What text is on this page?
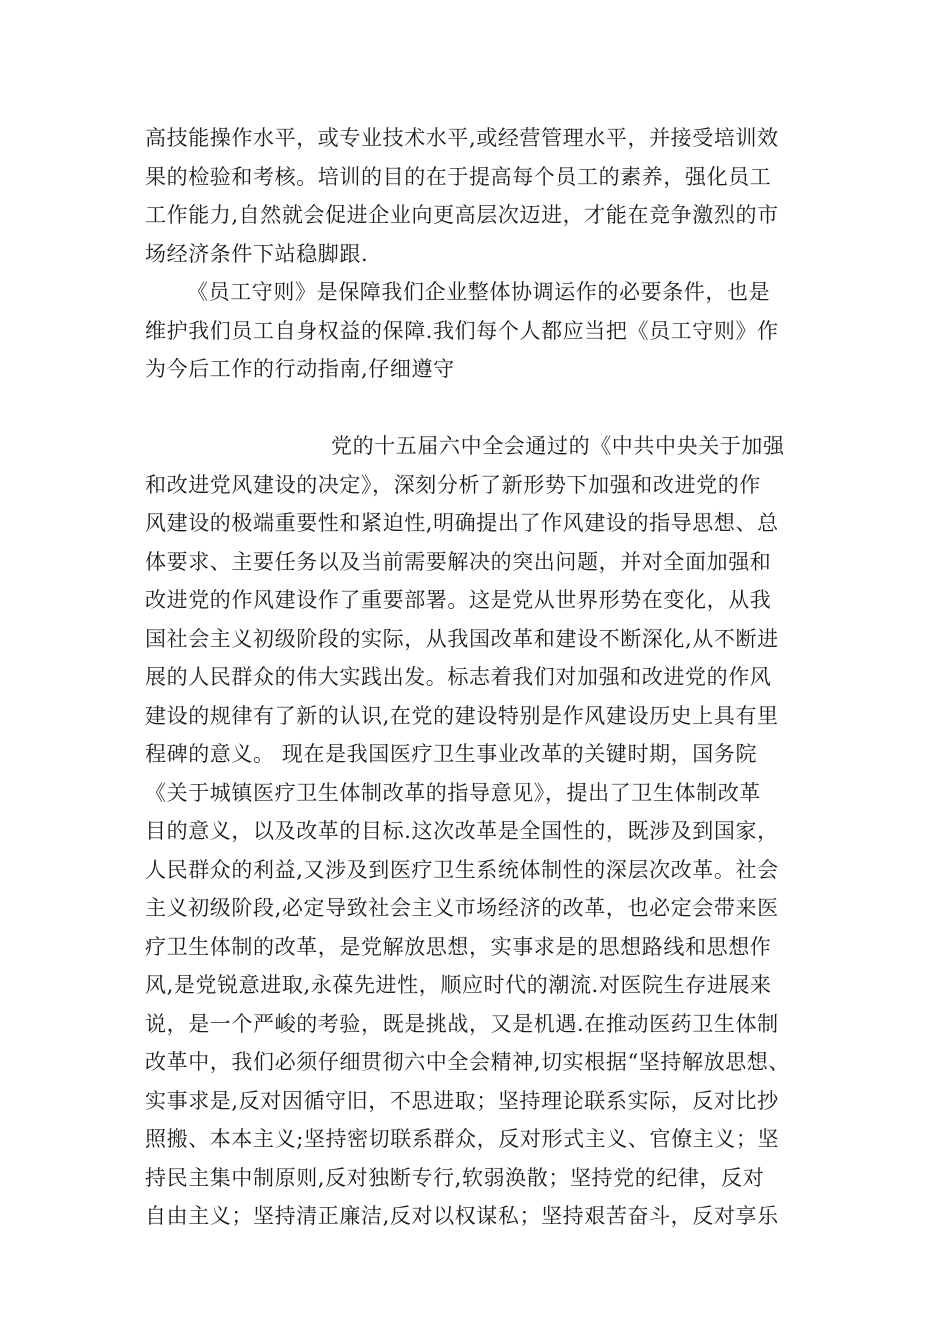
高技能操作水平，或专业技术水平,或经营管理水平，并接受培训效
果的检验和考核。培训的目的在于提高每个员工的素养，强化员工
工作能力,自然就会促进企业向更高层次迈进，才能在竞争激烈的市
场经济条件下站稳脚跟.
《员工守则》是保障我们企业整体协调运作的必要条件，也是
维护我们员工自身权益的保障.我们每个人都应当把《员工守则》作
为今后工作的行动指南,仔细遵守
党的十五届六中全会通过的《中共中央关于加强
和改进党风建设的决定》，深刻分析了新形势下加强和改进党的作
风建设的极端重要性和紧迫性,明确提出了作风建设的指导思想、总
体要求、主要任务以及当前需要解决的突出问题，并对全面加强和
改进党的作风建设作了重要部署。这是党从世界形势在变化，从我
国社会主义初级阶段的实际，从我国改革和建设不断深化,从不断进
展的人民群众的伟大实践出发。标志着我们对加强和改进党的作风
建设的规律有了新的认识,在党的建设特别是作风建设历史上具有里
程碑的意义。 现在是我国医疗卫生事业改革的关键时期，国务院
《关于城镇医疗卫生体制改革的指导意见》，提出了卫生体制改革
目的意义，以及改革的目标.这次改革是全国性的，既涉及到国家，
人民群众的利益,又涉及到医疗卫生系统体制性的深层次改革。社会
主义初级阶段,必定导致社会主义市场经济的改革，也必定会带来医
疗卫生体制的改革，是党解放思想，实事求是的思想路线和思想作
风,是党锐意进取,永葆先进性，顺应时代的潮流.对医院生存进展来
说，是一个严峻的考验，既是挑战，又是机遇.在推动医药卫生体制
改革中，我们必须仔细贯彻六中全会精神,切实根据“坚持解放思想、
实事求是,反对因循守旧，不思进取；坚持理论联系实际，反对比抄
照搬、本本主义;坚持密切联系群众，反对形式主义、官僚主义；坚
持民主集中制原则,反对独断专行,软弱涣散；坚持党的纪律，反对
自由主义；坚持清正廉洁,反对以权谋私；坚持艰苦奋斗，反对享乐
